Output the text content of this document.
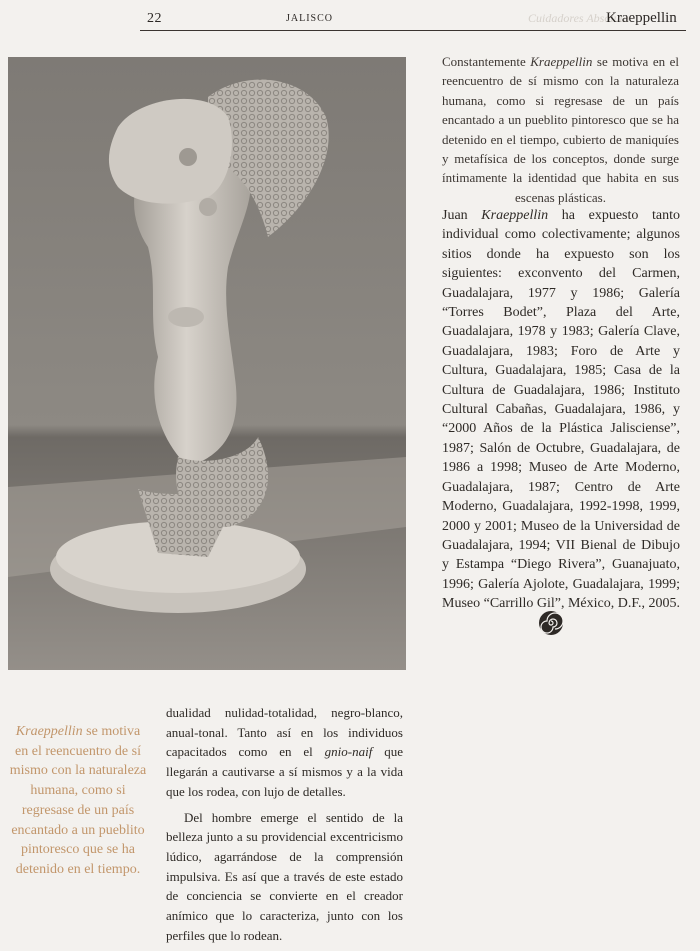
22	JALISCO	Cuidadores Absoluto
Kraeppellin
Constantemente Kraeppellin se motiva en el reencuentro de sí mismo con la naturaleza humana, como si regresase de un país encantado a un pueblito pintoresco que se ha detenido en el tiempo, cubierto de maniquíes y metafísica de los conceptos, donde surge íntimamente la identidad que habita en sus escenas plásticas.
Juan Kraeppellin ha expuesto tanto individual como colectivamente; algunos sitios donde ha expuesto son los siguientes: exconvento del Carmen, Guadalajara, 1977 y 1986; Galería “Torres Bodet”, Plaza del Arte, Guadalajara, 1978 y 1983; Galería Clave, Guadalajara, 1983; Foro de Arte y Cultura, Guadalajara, 1985; Casa de la Cultura de Guadalajara, 1986; Instituto Cultural Cabañas, Guadalajara, 1986, y “2000 Años de la Plástica Jalisciense”, 1987; Salón de Octubre, Guadalajara, de 1986 a 1998; Museo de Arte Moderno, Guadalajara, 1987; Centro de Arte Moderno, Guadalajara, 1992-1998, 1999, 2000 y 2001; Museo de la Universidad de Guadalajara, 1994; VII Bienal de Dibujo y Estampa “Diego Rivera”, Guanajuato, 1996; Galería Ajolote, Guadalajara, 1999; Museo “Carrillo Gil”, México, D.F., 2005.
Kraeppellin se motiva en el reencuentro de sí mismo con la naturaleza humana, como si regresase de un país encantado a un pueblito pintoresco que se ha detenido en el tiempo.

dualidad nulidad-totalidad, negro-blanco, anual-tonal. Tanto así en los individuos capacitados como en el gnio-naif que llegarán a cautivarse a sí mismos y a la vida que los rodea, con lujo de detalles.

Del hombre emerge el sentido de la belleza junto a su providencial excentricismo lúdico, agarrándose de la comprensión impulsiva. Es así que a través de este estado de conciencia se convierte en el creador anímico que lo caracteriza, junto con los perfiles que lo rodean.
